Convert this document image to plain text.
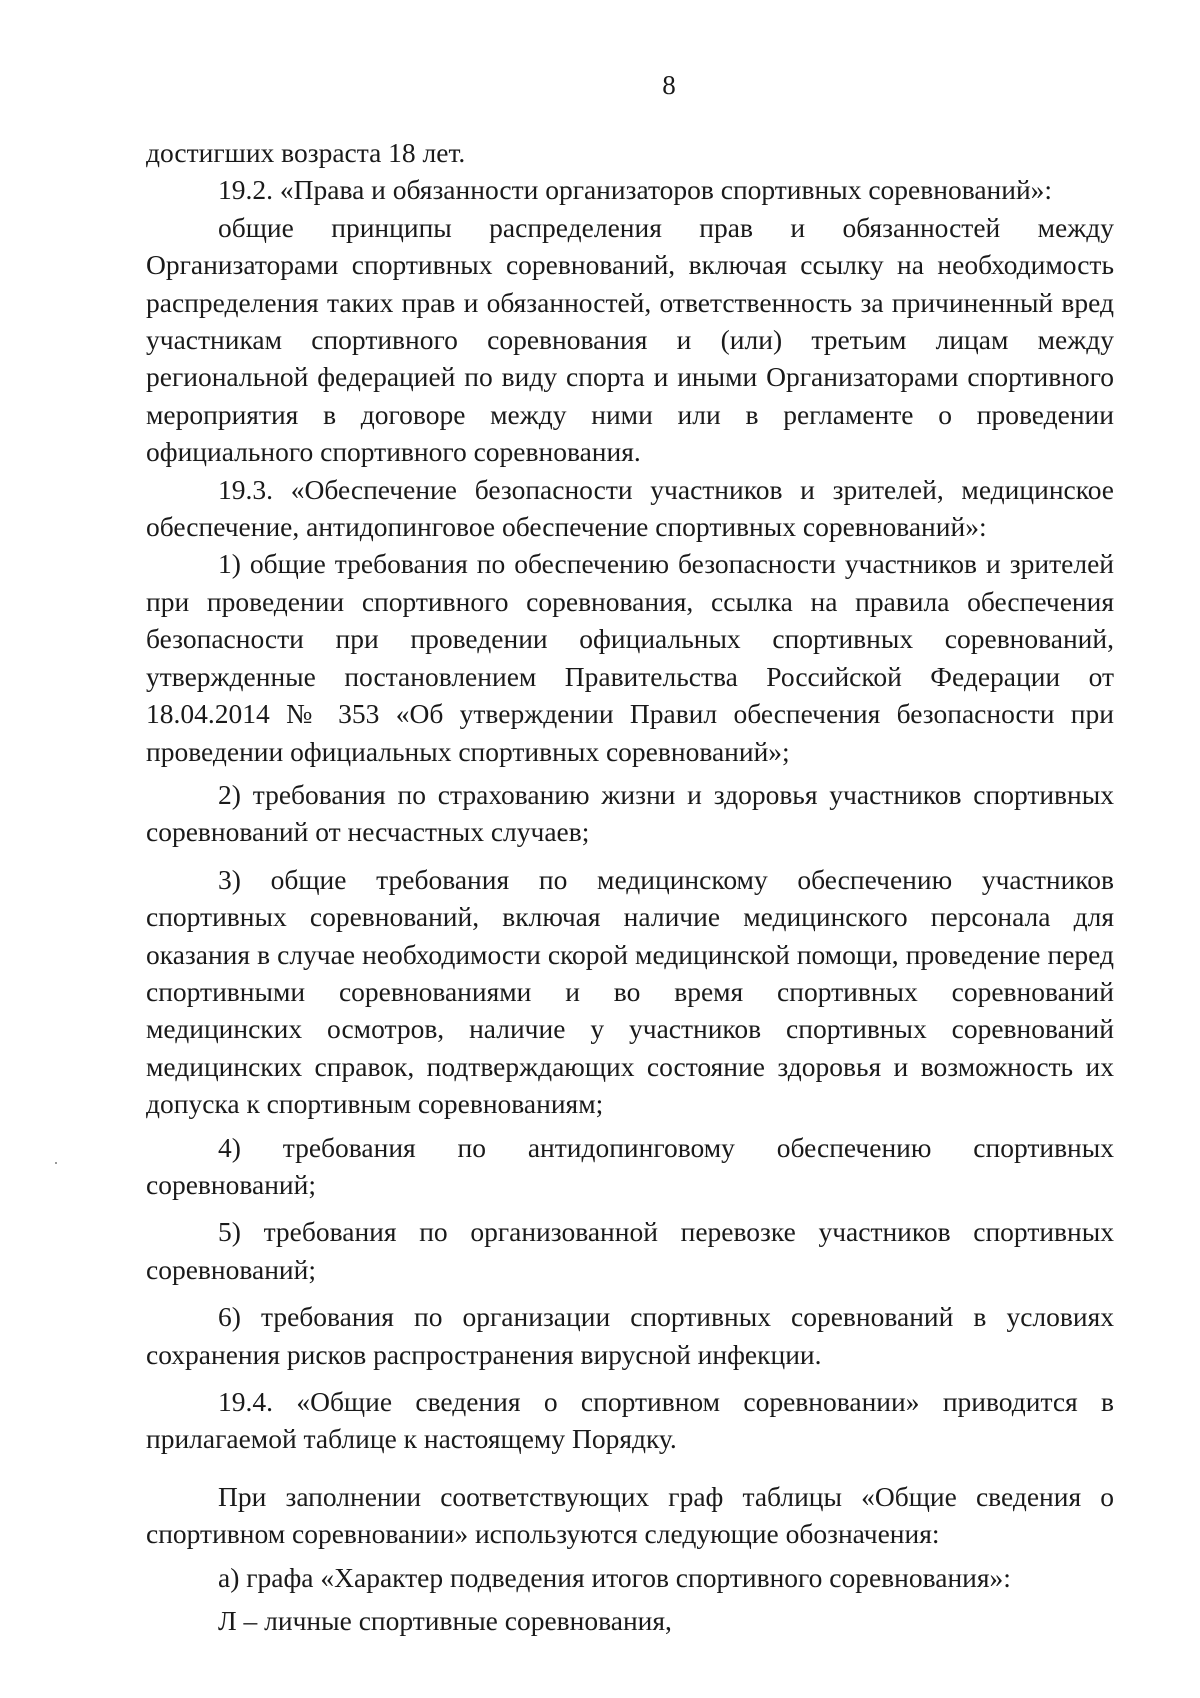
8

достигших возраста 18 лет.

19.2. «Права и обязанности организаторов спортивных соревнований»:

общие принципы распределения прав и обязанностей между Организаторами спортивных соревнований, включая ссылку на необходимость распределения таких прав и обязанностей, ответственность за причиненный вред участникам спортивного соревнования и (или) третьим лицам между региональной федерацией по виду спорта и иными Организаторами спортивного мероприятия в договоре между ними или в регламенте о проведении официального спортивного соревнования.

19.3. «Обеспечение безопасности участников и зрителей, медицинское обеспечение, антидопинговое обеспечение спортивных соревнований»:

1) общие требования по обеспечению безопасности участников и зрителей при проведении спортивного соревнования, ссылка на правила обеспечения безопасности при проведении официальных спортивных соревнований, утвержденные постановлением Правительства Российской Федерации от 18.04.2014 № 353 «Об утверждении Правил обеспечения безопасности при проведении официальных спортивных соревнований»;

2) требования по страхованию жизни и здоровья участников спортивных соревнований от несчастных случаев;

3) общие требования по медицинскому обеспечению участников спортивных соревнований, включая наличие медицинского персонала для оказания в случае необходимости скорой медицинской помощи, проведение перед спортивными соревнованиями и во время спортивных соревнований медицинских осмотров, наличие у участников спортивных соревнований медицинских справок, подтверждающих состояние здоровья и возможность их допуска к спортивным соревнованиям;

4) требования по антидопинговому обеспечению спортивных соревнований;

5) требования по организованной перевозке участников спортивных соревнований;

6) требования по организации спортивных соревнований в условиях сохранения рисков распространения вирусной инфекции.

19.4. «Общие сведения о спортивном соревновании» приводится в прилагаемой таблице к настоящему Порядку.

При заполнении соответствующих граф таблицы «Общие сведения о спортивном соревновании» используются следующие обозначения:

а) графа «Характер подведения итогов спортивного соревнования»:

Л – личные спортивные соревнования,
